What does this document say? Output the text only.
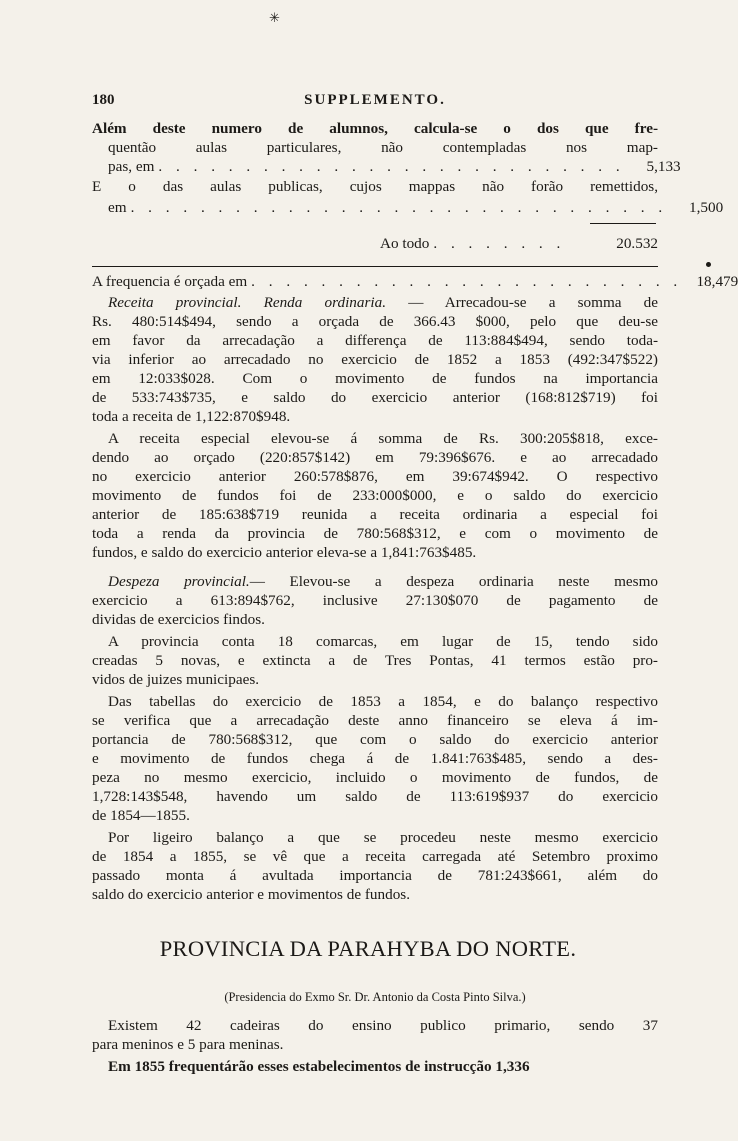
✳
180	SUPPLEMENTO.
Além deste numero de alumnos, calcula-se o dos que fre-
quentão aulas particulares, não contempladas nos map-
pas, em . . . . . . . . . . . . . . . . . . . . . . . . . . .	5,133
E o das aulas publicas, cujos mappas não forão remettidos,
em . . . . . . . . . . . . . . . . . . . . . . . . . . . . . . .	1,500
Ao todo . . . . . . . .	20.532
A frequencia é orçada em . . . . . . . . . . . . . . . . . . . . . . . . . 18,479
Receita provincial. Renda ordinaria. — Arrecadou-se a somma de
Rs. 480:514$494, sendo a orçada de 366.43 $000, pelo que deu-se
em favor da arrecadação a differença de 113:884$494, sendo toda-
via inferior ao arrecadado no exercicio de 1852 a 1853 (492:347$522)
em 12:033$028. Com o movimento de fundos na importancia
de 533:743$735, e saldo do exercicio anterior (168:812$719) foi
toda a receita de 1,122:870$948.
A receita especial elevou-se á somma de Rs. 300:205$818, exce-
dendo ao orçado (220:857$142) em 79:396$676. e ao arrecadado
no exercicio anterior 260:578$876, em 39:674$942. O respectivo
movimento de fundos foi de 233:000$000, e o saldo do exercicio
anterior de 185:638$719 reunida a receita ordinaria a especial foi
toda a renda da provincia de 780:568$312, e com o movimento de
fundos, e saldo do exercicio anterior eleva-se a 1,841:763$485.
Despeza provincial.— Elevou-se a despeza ordinaria neste mesmo
exercicio a 613:894$762, inclusive 27:130$070 de pagamento de
dividas de exercicios findos.
A provincia conta 18 comarcas, em lugar de 15, tendo sido
creadas 5 novas, e extincta a de Tres Pontas, 41 termos estão pro-
vidos de juizes municipaes.
Das tabellas do exercicio de 1853 a 1854, e do balanço respectivo
se verifica que a arrecadação deste anno financeiro se eleva á im-
portancia de 780:568$312, que com o saldo do exercicio anterior
e movimento de fundos chega á de 1.841:763$485, sendo a des-
peza no mesmo exercicio, incluido o movimento de fundos, de
1,728:143$548, havendo um saldo de 113:619$937 do exercicio
de 1854—1855.
Por ligeiro balanço a que se procedeu neste mesmo exercicio
de 1854 a 1855, se vê que a receita carregada até Setembro proximo
passado monta á avultada importancia de 781:243$661, além do
saldo do exercicio anterior e movimentos de fundos.
PROVINCIA DA PARAHYBA DO NORTE.
(Presidencia do Exmo Sr. Dr. Antonio da Costa Pinto Silva.)
Existem 42 cadeiras do ensino publico primario, sendo 37
para meninos e 5 para meninas.
Em 1855 frequentárão esses estabelecimentos de instrucção 1,336
